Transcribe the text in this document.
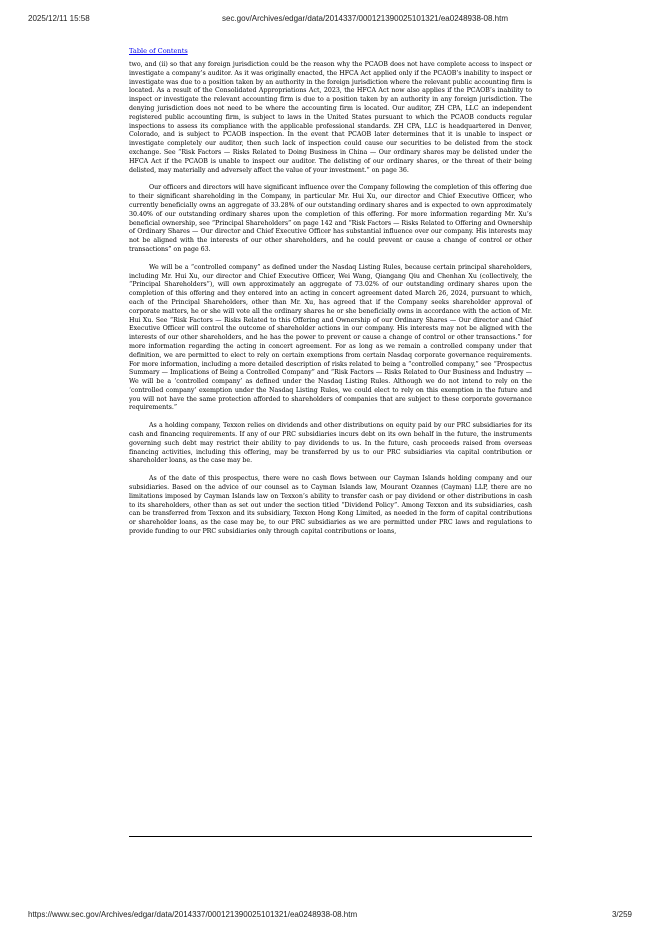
2025/12/11 15:58	sec.gov/Archives/edgar/data/2014337/000121390025101321/ea0248938-08.htm
Table of Contents

two, and (ii) so that any foreign jurisdiction could be the reason why the PCAOB does not have complete access to inspect or investigate a company’s auditor. As it was originally enacted, the HFCA Act applied only if the PCAOB’s inability to inspect or investigate was due to a position taken by an authority in the foreign jurisdiction where the relevant public accounting firm is located. As a result of the Consolidated Appropriations Act, 2023, the HFCA Act now also applies if the PCAOB’s inability to inspect or investigate the relevant accounting firm is due to a position taken by an authority in any foreign jurisdiction. The denying jurisdiction does not need to be where the accounting firm is located. Our auditor, ZH CPA, LLC an independent registered public accounting firm, is subject to laws in the United States pursuant to which the PCAOB conducts regular inspections to assess its compliance with the applicable professional standards. ZH CPA, LLC is headquartered in Denver, Colorado, and is subject to PCAOB inspection. In the event that PCAOB later determines that it is unable to inspect or investigate completely our auditor, then such lack of inspection could cause our securities to be delisted from the stock exchange. See “Risk Factors — Risks Related to Doing Business in China — Our ordinary shares may be delisted under the HFCA Act if the PCAOB is unable to inspect our auditor. The delisting of our ordinary shares, or the threat of their being delisted, may materially and adversely affect the value of your investment.” on page 36.

Our officers and directors will have significant influence over the Company following the completion of this offering due to their significant shareholding in the Company, in particular Mr. Hui Xu, our director and Chief Executive Officer, who currently beneficially owns an aggregate of 33.28% of our outstanding ordinary shares and is expected to own approximately 30.40% of our outstanding ordinary shares upon the completion of this offering. For more information regarding Mr. Xu’s beneficial ownership, see “Principal Shareholders” on page 142 and “Risk Factors — Risks Related to Offering and Ownership of Ordinary Shares — Our director and Chief Executive Officer has substantial influence over our company. His interests may not be aligned with the interests of our other shareholders, and he could prevent or cause a change of control or other transactions” on page 63.

We will be a “controlled company” as defined under the Nasdaq Listing Rules, because certain principal shareholders, including Mr. Hui Xu, our director and Chief Executive Officer, Wei Wang, Qiangang Qiu and Chenhan Xu (collectively, the “Principal Shareholders”), will own approximately an aggregate of 73.02% of our outstanding ordinary shares upon the completion of this offering and they entered into an acting in concert agreement dated March 26, 2024, pursuant to which, each of the Principal Shareholders, other than Mr. Xu, has agreed that if the Company seeks shareholder approval of corporate matters, he or she will vote all the ordinary shares he or she beneficially owns in accordance with the action of Mr. Hui Xu. See “Risk Factors — Risks Related to this Offering and Ownership of our Ordinary Shares — Our director and Chief Executive Officer will control the outcome of shareholder actions in our company. His interests may not be aligned with the interests of our other shareholders, and he has the power to prevent or cause a change of control or other transactions.” for more information regarding the acting in concert agreement. For as long as we remain a controlled company under that definition, we are permitted to elect to rely on certain exemptions from certain Nasdaq corporate governance requirements. For more information, including a more detailed description of risks related to being a “controlled company,” see “Prospectus Summary — Implications of Being a Controlled Company” and “Risk Factors — Risks Related to Our Business and Industry — We will be a ‘controlled company’ as defined under the Nasdaq Listing Rules. Although we do not intend to rely on the ‘controlled company’ exemption under the Nasdaq Listing Rules, we could elect to rely on this exemption in the future and you will not have the same protection afforded to shareholders of companies that are subject to these corporate governance requirements.”

As a holding company, Texxon relies on dividends and other distributions on equity paid by our PRC subsidiaries for its cash and financing requirements. If any of our PRC subsidiaries incurs debt on its own behalf in the future, the instruments governing such debt may restrict their ability to pay dividends to us. In the future, cash proceeds raised from overseas financing activities, including this offering, may be transferred by us to our PRC subsidiaries via capital contribution or shareholder loans, as the case may be.

As of the date of this prospectus, there were no cash flows between our Cayman Islands holding company and our subsidiaries. Based on the advice of our counsel as to Cayman Islands law, Mourant Ozannes (Cayman) LLP, there are no limitations imposed by Cayman Islands law on Texxon’s ability to transfer cash or pay dividend or other distributions in cash to its shareholders, other than as set out under the section titled “Dividend Policy”. Among Texxon and its subsidiaries, cash can be transferred from Texxon and its subsidiary, Texxon Hong Kong Limited, as needed in the form of capital contributions or shareholder loans, as the case may be, to our PRC subsidiaries as we are permitted under PRC laws and regulations to provide funding to our PRC subsidiaries only through capital contributions or loans,

https://www.sec.gov/Archives/edgar/data/2014337/000121390025101321/ea0248938-08.htm	3/259
